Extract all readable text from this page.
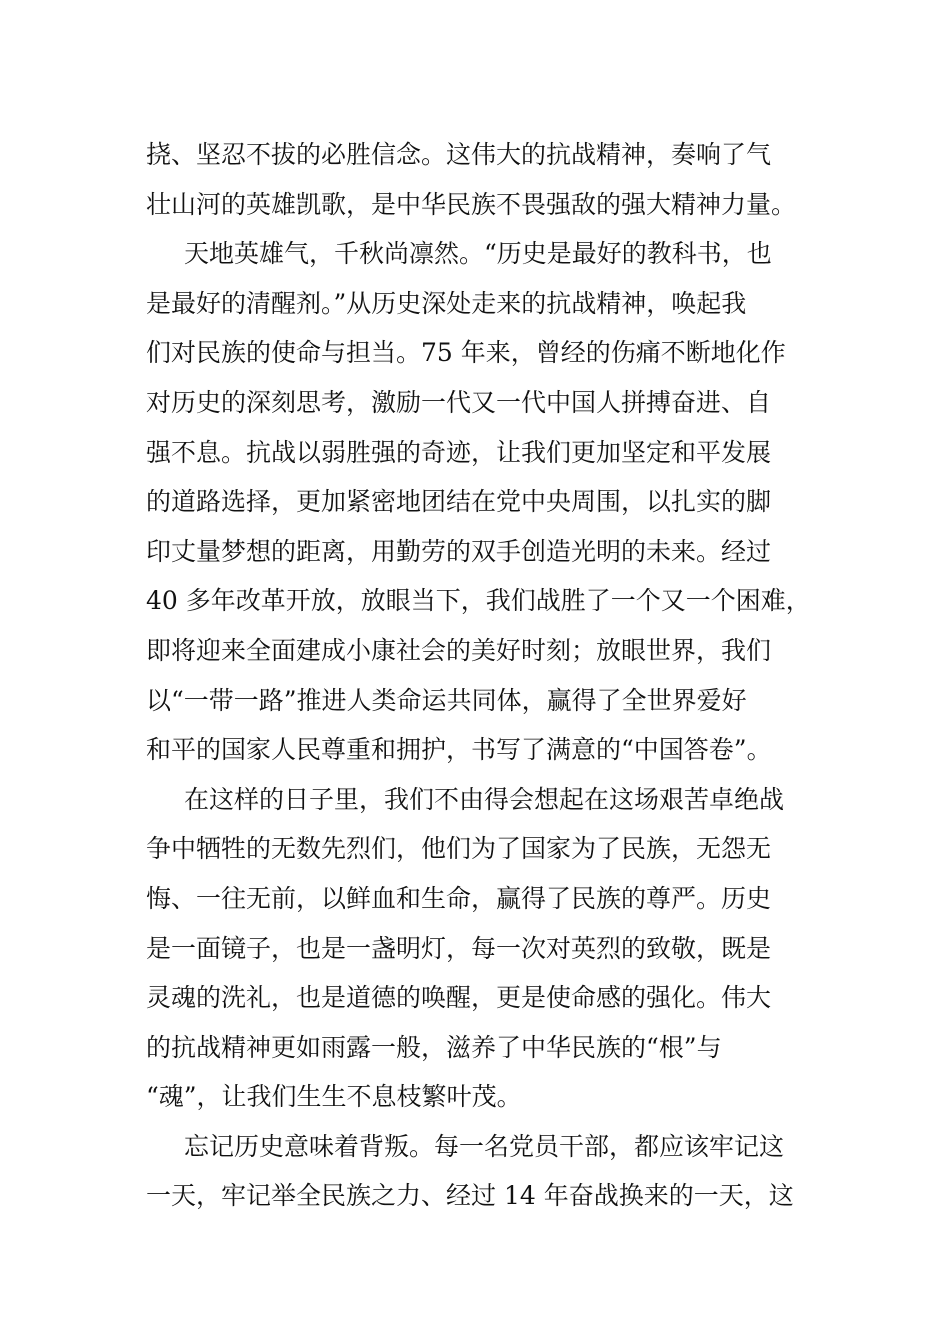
挠、坚忍不拔的必胜信念。这伟大的抗战精神，奏响了气
壮山河的英雄凯歌，是中华民族不畏强敌的强大精神力量。
天地英雄气，千秋尚凛然。“历史是最好的教科书，也
是最好的清醒剂。”从历史深处走来的抗战精神，唤起我
们对民族的使命与担当。75 年来，曾经的伤痛不断地化作
对历史的深刻思考，激励一代又一代中国人拼搏奋进、自
强不息。抗战以弱胜强的奇迹，让我们更加坚定和平发展
的道路选择，更加紧密地团结在党中央周围，以扎实的脚
印丈量梦想的距离，用勤劳的双手创造光明的未来。经过
40 多年改革开放，放眼当下，我们战胜了一个又一个困难，
即将迎来全面建成小康社会的美好时刻；放眼世界，我们
以“一带一路”推进人类命运共同体，赢得了全世界爱好
和平的国家人民尊重和拥护，书写了满意的“中国答卷”。
在这样的日子里，我们不由得会想起在这场艰苦卓绝战
争中牺牲的无数先烈们，他们为了国家为了民族，无怨无
悔、一往无前，以鲜血和生命，赢得了民族的尊严。历史
是一面镜子，也是一盏明灯，每一次对英烈的致敬，既是
灵魂的洗礼，也是道德的唤醒，更是使命感的强化。伟大
的抗战精神更如雨露一般，滋养了中华民族的“根”与
“魂”，让我们生生不息枝繁叶茂。
忘记历史意味着背叛。每一名党员干部，都应该牢记这
一天，牢记举全民族之力、经过 14 年奋战换来的一天，这
